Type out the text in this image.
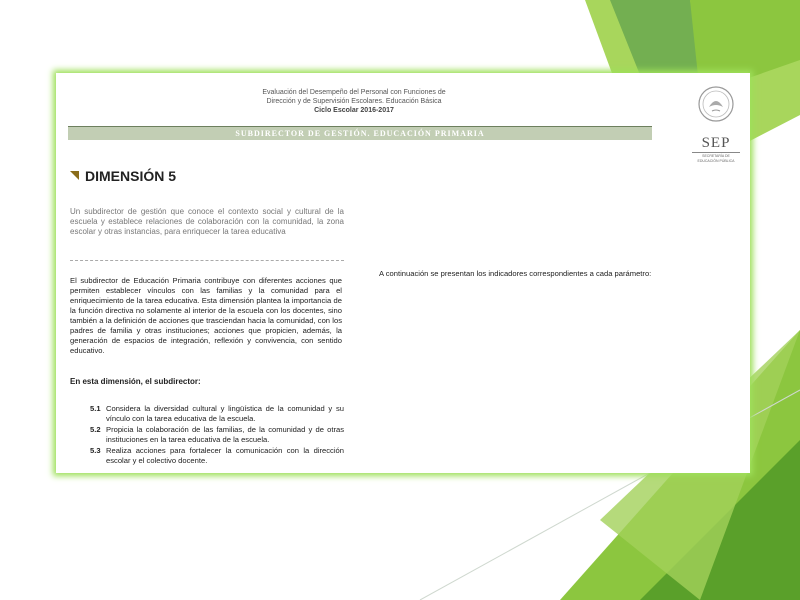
Evaluación del Desempeño del Personal con Funciones de
Dirección y de Supervisión Escolares. Educación Básica
Ciclo Escolar 2016-2017
SUBDIRECTOR DE GESTIÓN. EDUCACIÓN PRIMARIA
SEP
SECRETARÍA DE
EDUCACIÓN PÚBLICA
DIMENSIÓN 5
Un subdirector de gestión que conoce el contexto social y cultural de la escuela y establece relaciones de colaboración con la comunidad, la zona escolar y otras instancias, para enriquecer la tarea educativa
El subdirector de Educación Primaria contribuye con diferentes acciones que permiten establecer vínculos con las familias y la comunidad para el enriquecimiento de la tarea educativa. Esta dimensión plantea la importancia de la función directiva no solamente al interior de la escuela con los docentes, sino también a la definición de acciones que trasciendan hacia la comunidad, con los padres de familia y otras instituciones; acciones que propicien, además, la generación de espacios de integración, reflexión y convivencia, con sentido educativo.
En esta dimensión, el subdirector:
5.1 Considera la diversidad cultural y lingüística de la comunidad y su vínculo con la tarea educativa de la escuela.
5.2 Propicia la colaboración de las familias, de la comunidad y de otras instituciones en la tarea educativa de la escuela.
5.3 Realiza acciones para fortalecer la comunicación con la dirección escolar y el colectivo docente.
A continuación se presentan los indicadores correspondientes a cada parámetro:
